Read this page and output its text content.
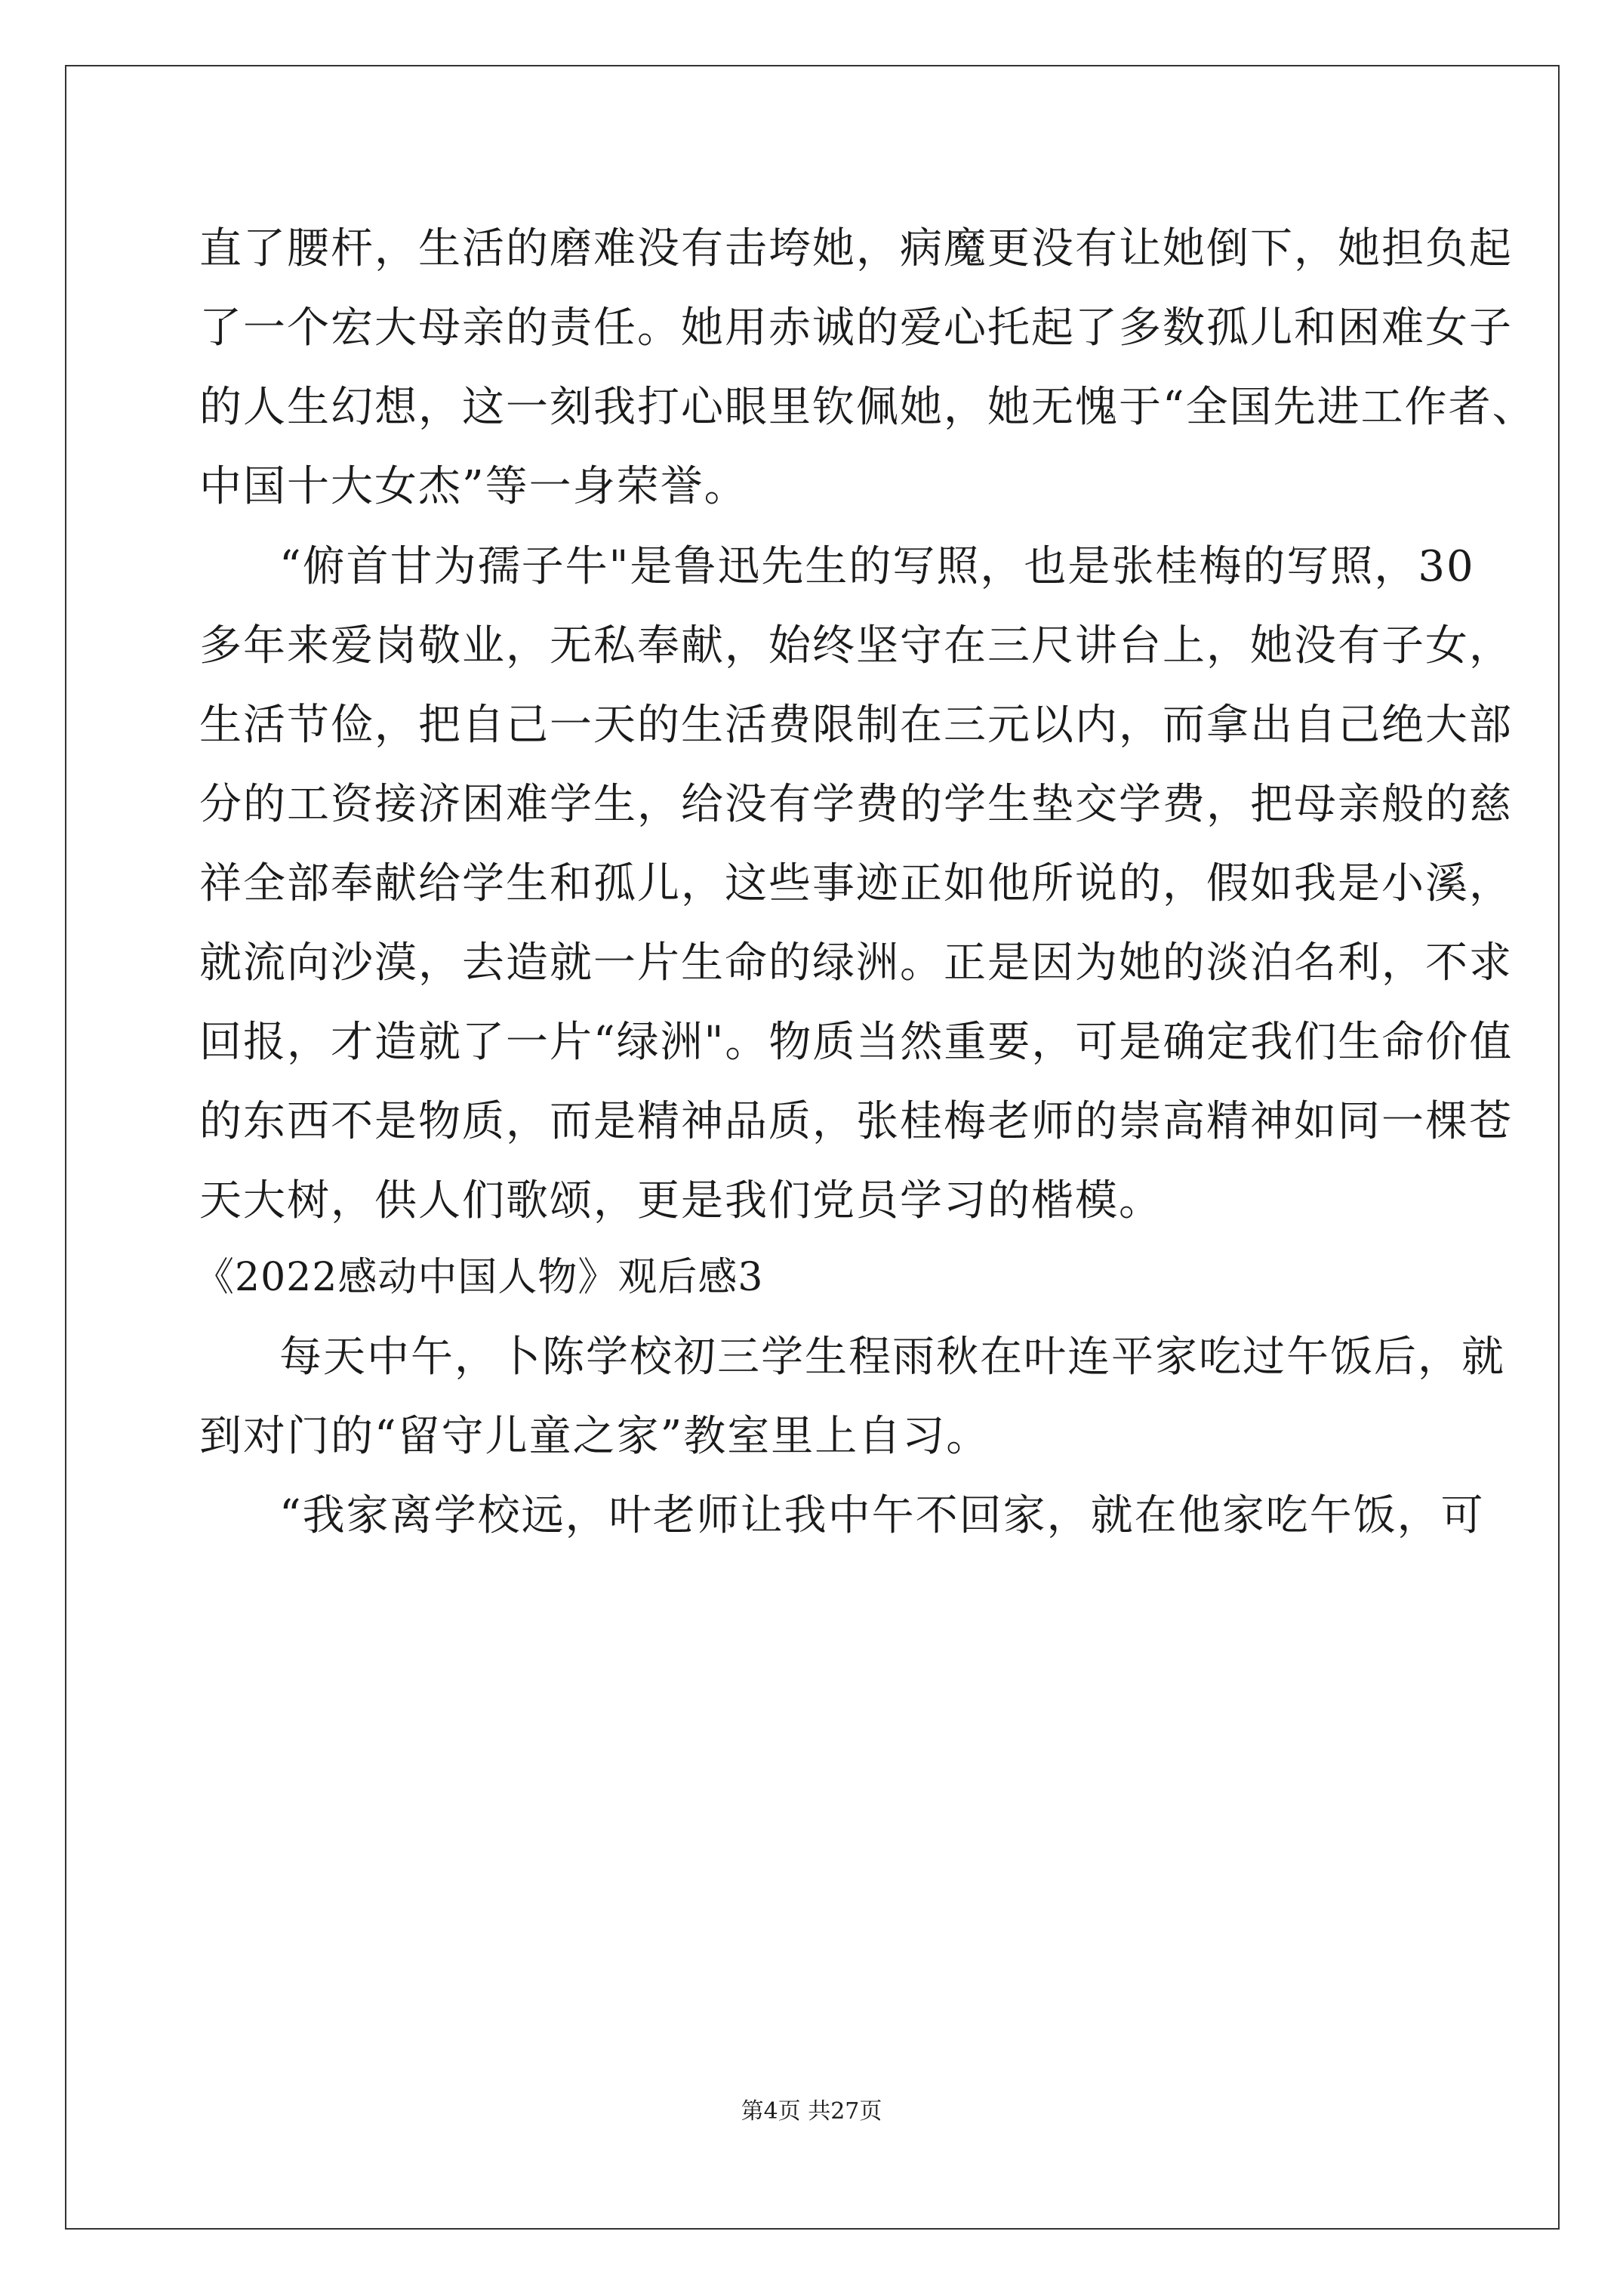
直了腰杆，生活的磨难没有击垮她，病魔更没有让她倒下，她担负起
了一个宏大母亲的责任。她用赤诚的爱心托起了多数孤儿和困难女子
的人生幻想，这一刻我打心眼里钦佩她，她无愧于“全国先进工作者、
中国十大女杰”等一身荣誉。
“俯首甘为孺子牛"是鲁迅先生的写照，也是张桂梅的写照，30
多年来爱岗敬业，无私奉献，始终坚守在三尺讲台上，她没有子女，
生活节俭，把自己一天的生活费限制在三元以内，而拿出自己绝大部
分的工资接济困难学生，给没有学费的学生垫交学费，把母亲般的慈
祥全部奉献给学生和孤儿，这些事迹正如他所说的，假如我是小溪，
就流向沙漠，去造就一片生命的绿洲。正是因为她的淡泊名利，不求
回报，才造就了一片“绿洲"。物质当然重要，可是确定我们生命价值
的东西不是物质，而是精神品质，张桂梅老师的崇高精神如同一棵苍
天大树，供人们歌颂，更是我们党员学习的楷模。
《2022感动中国人物》观后感3
每天中午，卜陈学校初三学生程雨秋在叶连平家吃过午饭后，就
到对门的“留守儿童之家”教室里上自习。
“我家离学校远，叶老师让我中午不回家，就在他家吃午饭，可
第4页 共27页
